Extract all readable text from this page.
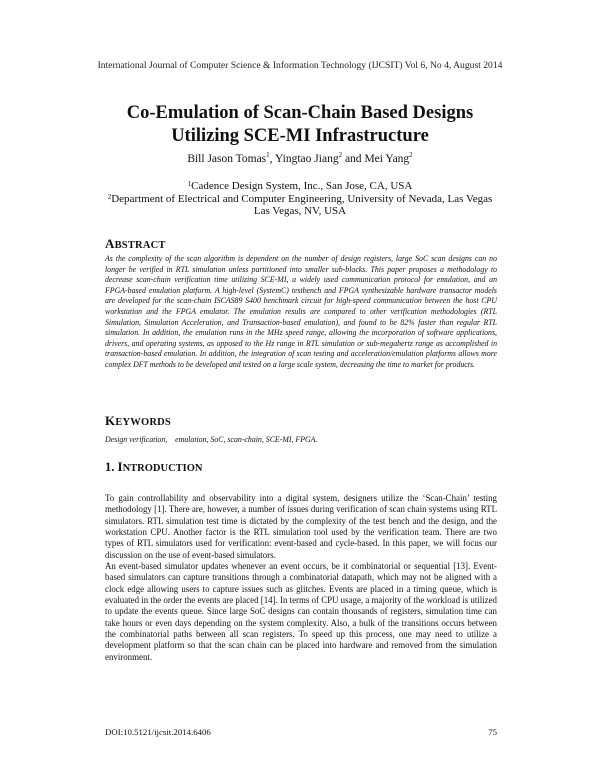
International Journal of Computer Science & Information Technology (IJCSIT) Vol 6, No 4, August 2014
Co-Emulation of Scan-Chain Based Designs
Utilizing SCE-MI Infrastructure
Bill Jason Tomas$^1$, Yingtao Jiang$^2$ and Mei Yang$^2$
$^1$Cadence Design System, Inc., San Jose, CA, USA
$^2$Department of Electrical and Computer Engineering, University of Nevada, Las Vegas
Las Vegas, NV, USA
ABSTRACT
As the complexity of the scan algorithm is dependent on the number of design registers, large SoC scan designs can no longer be verified in RTL simulation unless partitioned into smaller sub-blocks. This paper proposes a methodology to decrease scan-chain verification time utilizing SCE-MI, a widely used communication protocol for emulation, and an FPGA-based emulation platform. A high-level (SystemC) testbench and FPGA synthesizable hardware transactor models are developed for the scan-chain ISCAS89 S400 benchmark circuit for high-speed communication between the host CPU workstation and the FPGA emulator. The emulation results are compared to other verification methodologies (RTL Simulation, Simulation Acceleration, and Transaction-based emulation), and found to be 82% faster than regular RTL simulation. In addition, the emulation runs in the MHz speed range, allowing the incorporation of software applications, drivers, and operating systems, as opposed to the Hz range in RTL simulation or sub-megahertz range as accomplished in transaction-based emulation. In addition, the integration of scan testing and acceleration/emulation platforms allows more complex DFT methods to be developed and tested on a large scale system, decreasing the time to market for products.
KEYWORDS
Design verification,    emulation, SoC, scan-chain, SCE-MI, FPGA.
1. INTRODUCTION

To gain controllability and observability into a digital system, designers utilize the ‘Scan-Chain’ testing methodology [1]. There are, however, a number of issues during verification of scan chain systems using RTL simulators. RTL simulation test time is dictated by the complexity of the test bench and the design, and the workstation CPU. Another factor is the RTL simulation tool used by the verification team. There are two types of RTL simulators used for verification: event-based and cycle-based. In this paper, we will focus our discussion on the use of event-based simulators.

An event-based simulator updates whenever an event occurs, be it combinatorial or sequential [13]. Event-based simulators can capture transitions through a combinatorial datapath, which may not be aligned with a clock edge allowing users to capture issues such as glitches. Events are placed in a timing queue, which is evaluated in the order the events are placed [14]. In terms of CPU usage, a majority of the workload is utilized to update the events queue. Since large SoC designs can contain thousands of registers, simulation time can take hours or even days depending on the system complexity. Also, a bulk of the transitions occurs between the combinatorial paths between all scan registers. To speed up this process, one may need to utilize a development platform so that the scan chain can be placed into hardware and removed from the simulation environment.

DOI:10.5121/ijcsit.2014.6406	75
